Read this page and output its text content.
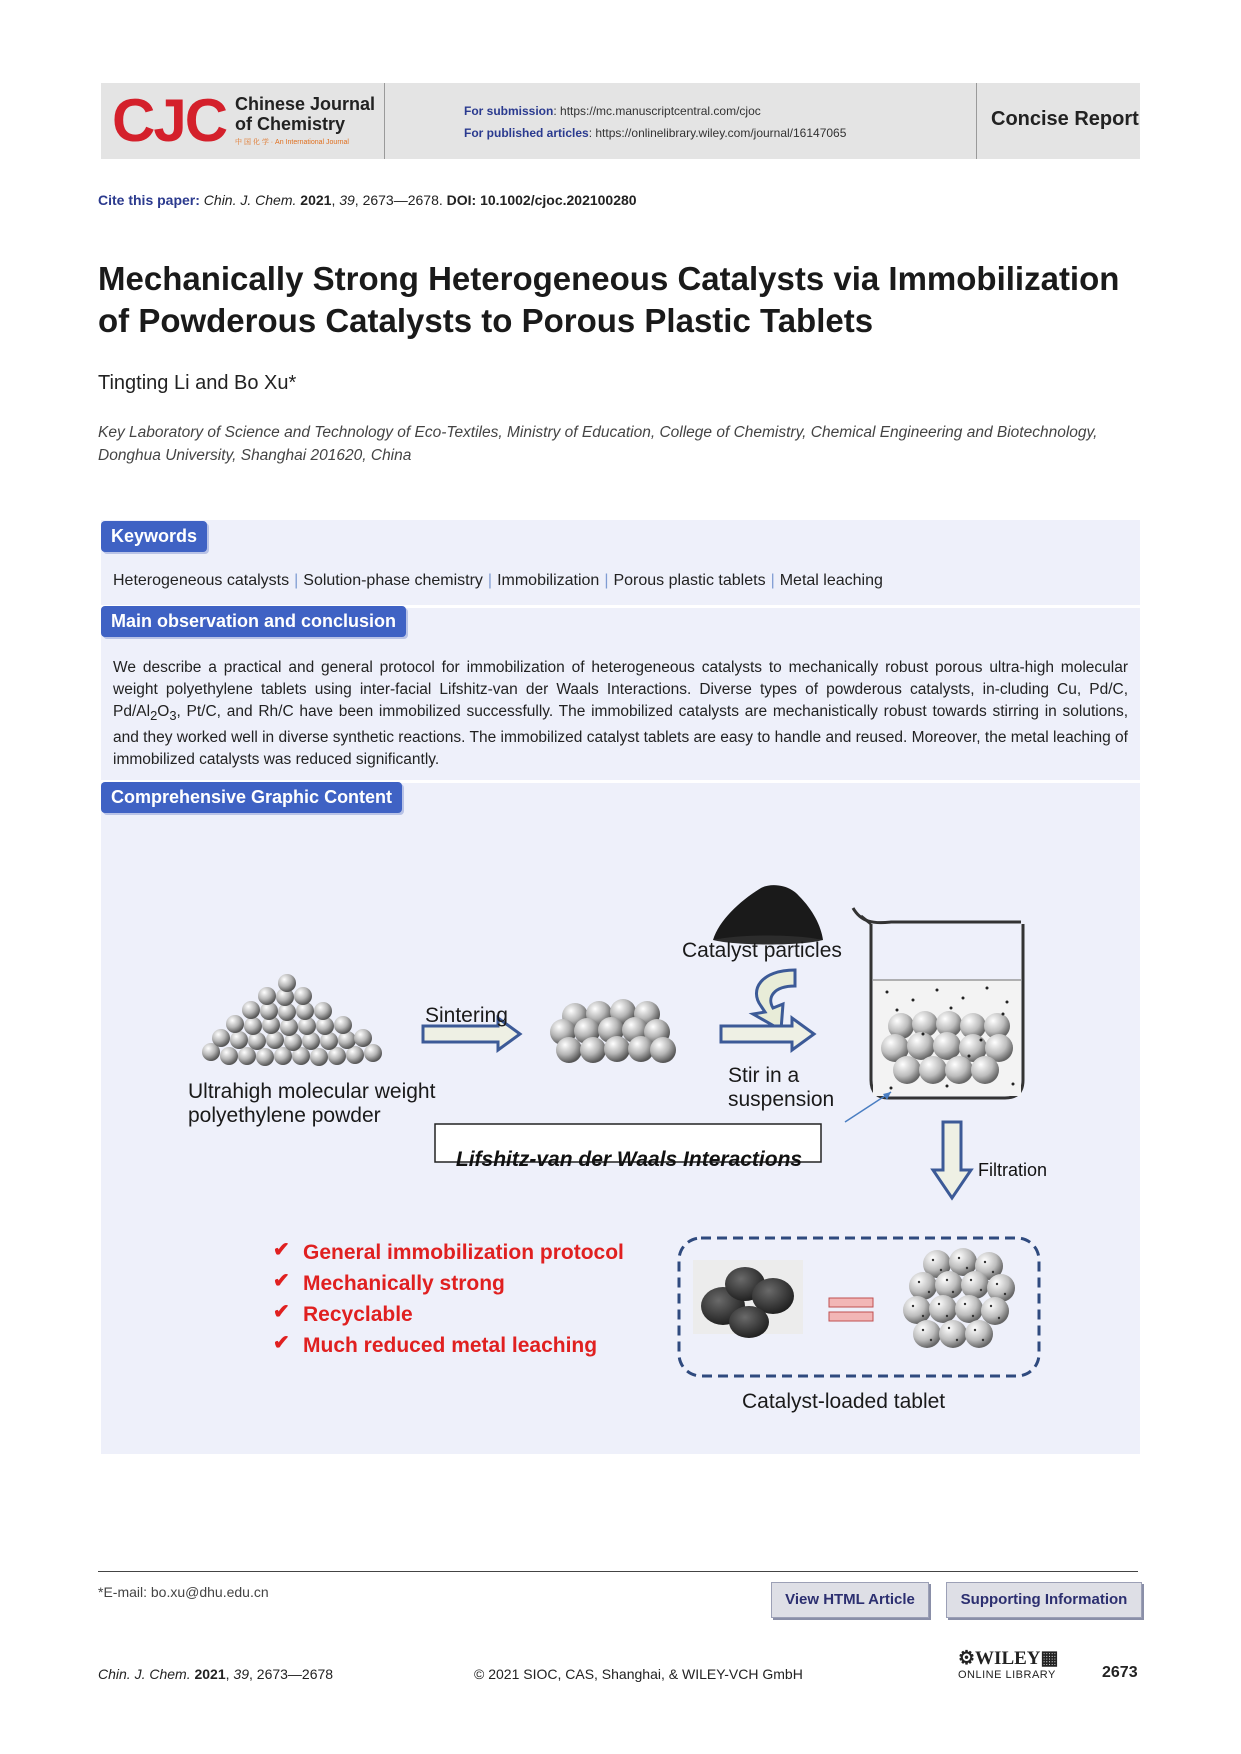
CJC Chinese Journal
of Chemistry
中 国 化 学 · An International Journal
For submission: https://mc.manuscriptcentral.com/cjoc
For published articles: https://onlinelibrary.wiley.com/journal/16147065
Concise Report
Cite this paper: Chin. J. Chem. 2021, 39, 2673—2678. DOI: 10.1002/cjoc.202100280
Mechanically Strong Heterogeneous Catalysts via Immobilization of Powderous Catalysts to Porous Plastic Tablets
Tingting Li and Bo Xu*
Key Laboratory of Science and Technology of Eco-Textiles, Ministry of Education, College of Chemistry, Chemical Engineering and Biotechnology, Donghua University, Shanghai 201620, China
Keywords
Heterogeneous catalysts | Solution-phase chemistry | Immobilization | Porous plastic tablets | Metal leaching
Main observation and conclusion
We describe a practical and general protocol for immobilization of heterogeneous catalysts to mechanically robust porous ultra-high molecular weight polyethylene tablets using inter-facial Lifshitz-van der Waals Interactions. Diverse types of powderous catalysts, in-cluding Cu, Pd/C, $Pd/Al_2O_3$, Pt/C, and Rh/C have been immobilized successfully. The immobilized catalysts are mechanistically robust towards stirring in solutions, and they worked well in diverse synthetic reactions. The immobilized catalyst tablets are easy to handle and reused. Moreover, the metal leaching of immobilized catalysts was reduced significantly.
Comprehensive Graphic Content
✔
✔
✔
✔
Ultrahigh molecular weight
polyethylene powder
Sintering
Catalyst particles
Stir in a
suspension
Lifshitz-van der Waals Interactions	Filtration
Catalyst-loaded tablet
General immobilization protocol
Mechanically strong
Recyclable
Much reduced metal leaching
*E-mail: bo.xu@dhu.edu.cn	View HTML Article	Supporting Information
Chin. J. Chem. 2021, 39, 2673—2678	© 2021 SIOC, CAS, Shanghai, & WILEY-VCH GmbH
⚙WILEY▦
ONLINE LIBRARY	2673
